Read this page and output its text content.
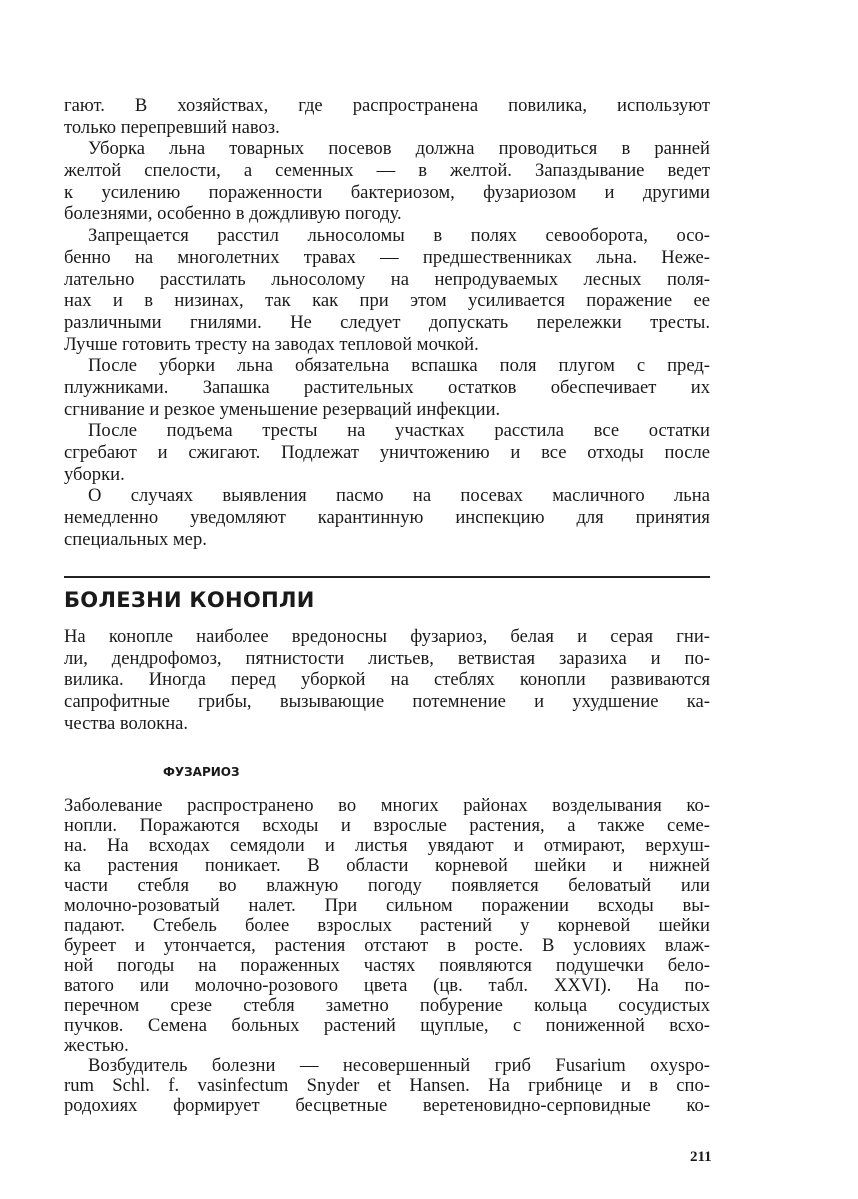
гают. В хозяйствах, где распространена повилика, используют
только перепревший навоз.
Уборка льна товарных посевов должна проводиться в ранней
желтой спелости, а семенных — в желтой. Запаздывание ведет
к усилению пораженности бактериозом, фузариозом и другими
болезнями, особенно в дождливую погоду.
Запрещается расстил льносоломы в полях севооборота, осо-
бенно на многолетних травах — предшественниках льна. Неже-
лательно расстилать льносолому на непродуваемых лесных поля-
нах и в низинах, так как при этом усиливается поражение ее
различными гнилями. Не следует допускать перележки тресты.
Лучше готовить тресту на заводах тепловой мочкой.
После уборки льна обязательна вспашка поля плугом с пред-
плужниками. Запашка растительных остатков обеспечивает их
сгнивание и резкое уменьшение резерваций инфекции.
После подъема тресты на участках расстила все остатки
сгребают и сжигают. Подлежат уничтожению и все отходы после
уборки.
О случаях выявления пасмо на посевах масличного льна
немедленно уведомляют карантинную инспекцию для принятия
специальных мер.
БОЛЕЗНИ КОНОПЛИ
На конопле наиболее вредоносны фузариоз, белая и серая гни-
ли, дендрофомоз, пятнистости листьев, ветвистая заразиха и по-
вилика. Иногда перед уборкой на стеблях конопли развиваются
сапрофитные грибы, вызывающие потемнение и ухудшение ка-
чества волокна.
ФУЗАРИОЗ
Заболевание распространено во многих районах возделывания ко-
нопли. Поражаются всходы и взрослые растения, а также семе-
на. На всходах семядоли и листья увядают и отмирают, верхуш-
ка растения поникает. В области корневой шейки и нижней
части стебля во влажную погоду появляется беловатый или
молочно-розоватый налет. При сильном поражении всходы вы-
падают. Стебель более взрослых растений у корневой шейки
буреет и утончается, растения отстают в росте. В условиях влаж-
ной погоды на пораженных частях появляются подушечки бело-
ватого или молочно-розового цвета (цв. табл. XXVI). На по-
перечном срезе стебля заметно побурение кольца сосудистых
пучков. Семена больных растений щуплые, с пониженной всхо-
жестью.
Возбудитель болезни — несовершенный гриб Fusarium oxyspo-
rum Schl. f. vasinfectum Snyder et Hansen. На грибнице и в спо-
родохиях формирует бесцветные веретеновидно-серповидные ко-
211
